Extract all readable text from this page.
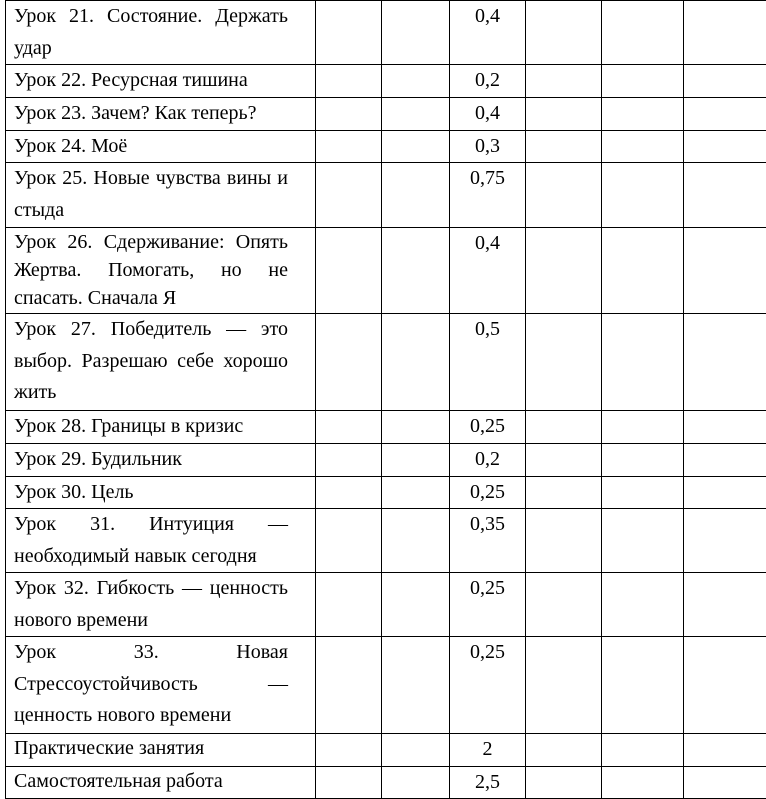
Урок 21. Состояние. Держать удар			0,4			
Урок 22. Ресурсная тишина			0,2			
Урок 23. Зачем? Как теперь?			0,4			
Урок 24. Моё			0,3			
Урок 25. Новые чувства вины и стыда			0,75			
Урок 26. Сдерживание: Опять Жертва. Помогать, но не спасать. Сначала Я			0,4			
Урок 27. Победитель — это выбор. Разрешаю себе хорошо жить			0,5			
Урок 28. Границы в кризис			0,25			
Урок 29. Будильник			0,2			
Урок 30. Цель			0,25			
Урок 31. Интуиция — необходимый навык сегодня			0,35			
Урок 32. Гибкость — ценность нового времени			0,25			
Урок 33. Новая Стрессоустойчивость — ценность нового времени			0,25			
Практические занятия			2			
Самостоятельная работа			2,5			
